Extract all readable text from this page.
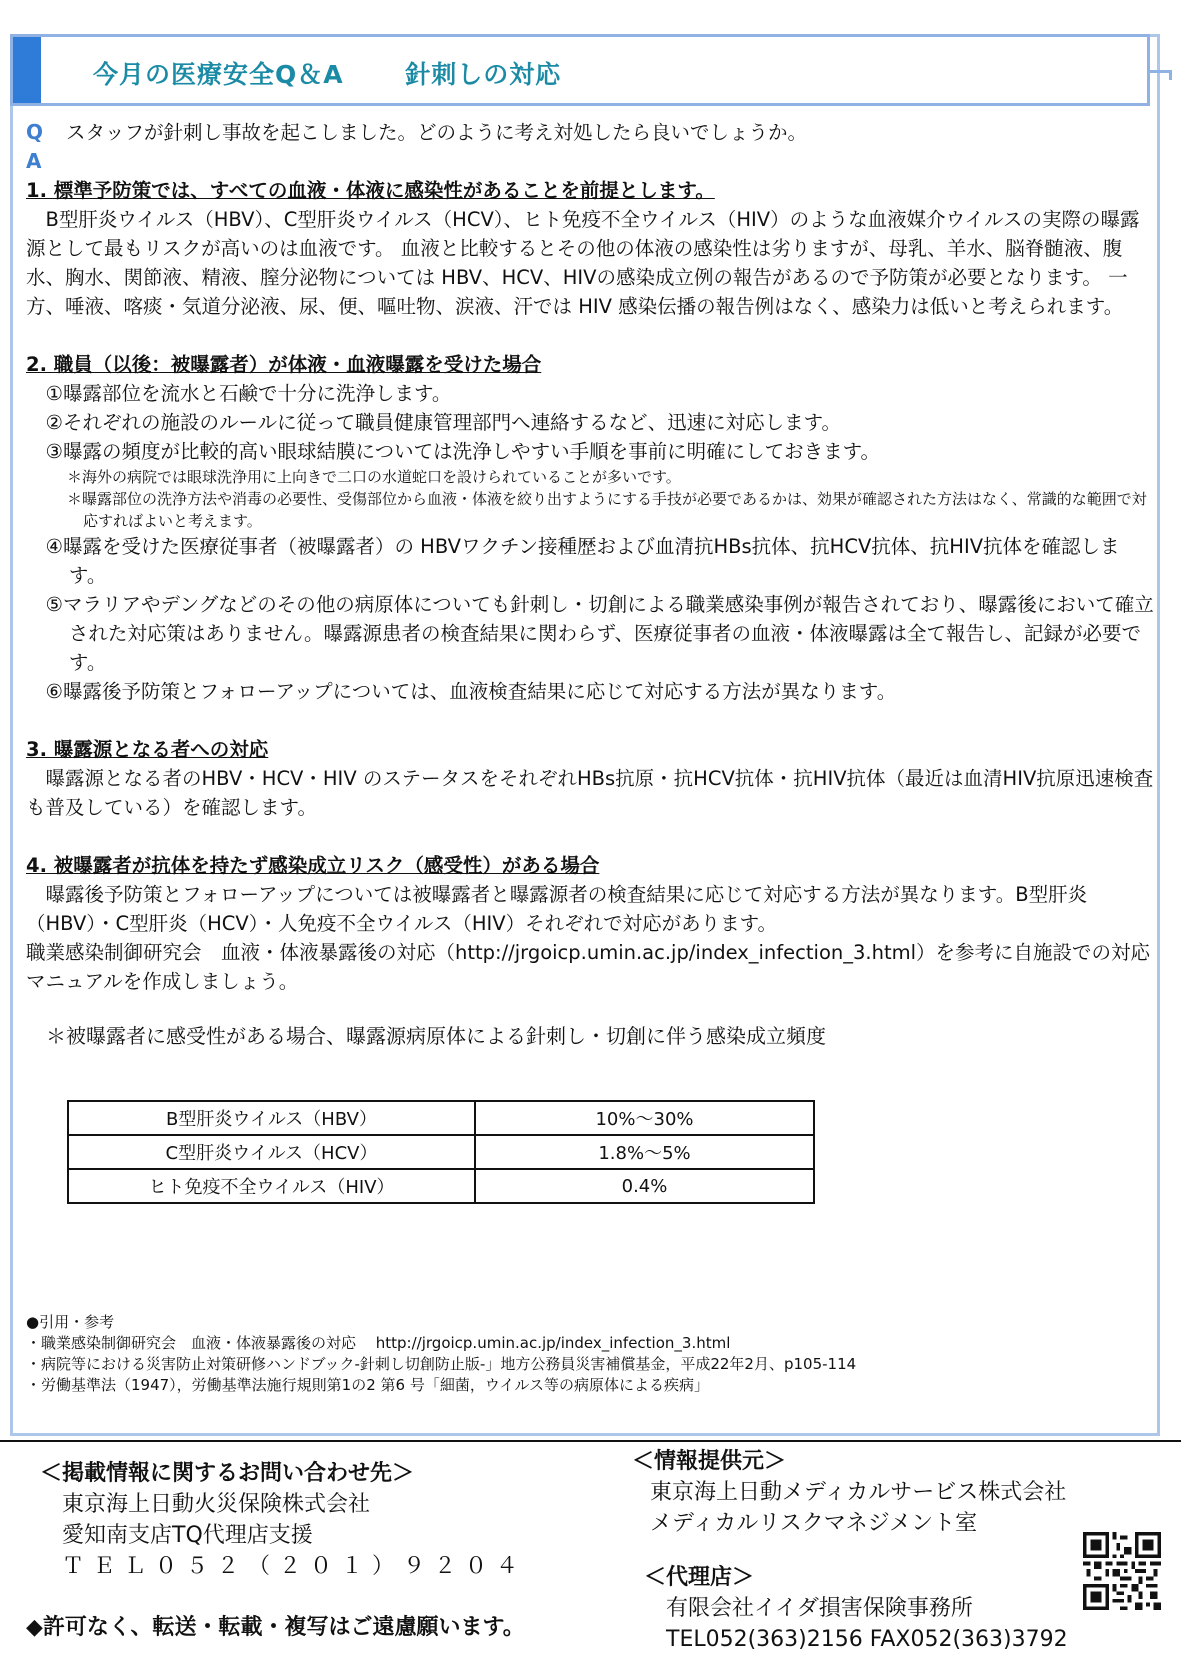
今月の医療安全Q＆A　　 針刺しの対応
Q	スタッフが針刺し事故を起こしました。どのように考え対処したら良いでしょうか。
A

1. 標準予防策では、すべての血液・体液に感染性があることを前提とします。

B型肝炎ウイルス（HBV）、C型肝炎ウイルス（HCV）、ヒト免疫不全ウイルス（HIV）のような血液媒介ウイルスの実際の曝露源として最もリスクが高いのは血液です。 血液と比較するとその他の体液の感染性は劣りますが、母乳、羊水、脳脊髄液、腹水、胸水、関節液、精液、膣分泌物については HBV、HCV、HIVの感染成立例の報告があるので予防策が必要となります。 一方、唾液、喀痰・気道分泌液、尿、便、嘔吐物、涙液、汗では HIV 感染伝播の報告例はなく、感染力は低いと考えられます。

2. 職員（以後：被曝露者）が体液・血液曝露を受けた場合

①曝露部位を流水と石鹸で十分に洗浄します。

②それぞれの施設のルールに従って職員健康管理部門へ連絡するなど、迅速に対応します。

③曝露の頻度が比較的高い眼球結膜については洗浄しやすい手順を事前に明確にしておきます。

＊海外の病院では眼球洗浄用に上向きで二口の水道蛇口を設けられていることが多いです。

＊曝露部位の洗浄方法や消毒の必要性、受傷部位から血液・体液を絞り出すようにする手技が必要であるかは、効果が確認された方法はなく、常識的な範囲で対応すればよいと考えます。

④曝露を受けた医療従事者（被曝露者）の HBVワクチン接種歴および血清抗HBs抗体、抗HCV抗体、抗HIV抗体を確認します。

⑤マラリアやデングなどのその他の病原体についても針刺し・切創による職業感染事例が報告されており、曝露後において確立された対応策はありません。曝露源患者の検査結果に関わらず、医療従事者の血液・体液曝露は全て報告し、記録が必要です。

⑥曝露後予防策とフォローアップについては、血液検査結果に応じて対応する方法が異なります。

3. 曝露源となる者への対応

曝露源となる者のHBV・HCV・HIV のステータスをそれぞれHBs抗原・抗HCV抗体・抗HIV抗体（最近は血清HIV抗原迅速検査も普及している）を確認します。

4. 被曝露者が抗体を持たず感染成立リスク（感受性）がある場合

曝露後予防策とフォローアップについては被曝露者と曝露源者の検査結果に応じて対応する方法が異なります。B型肝炎（HBV）・C型肝炎（HCV）・人免疫不全ウイルス（HIV）それぞれで対応があります。

職業感染制御研究会　血液・体液暴露後の対応（http://jrgoicp.umin.ac.jp/index_infection_3.html）を参考に自施設での対応マニュアルを作成しましょう。

＊被曝露者に感受性がある場合、曝露源病原体による針刺し・切創に伴う感染成立頻度

B型肝炎ウイルス（HBV）	10%～30%
C型肝炎ウイルス（HCV）	1.8%～5%
ヒト免疫不全ウイルス（HIV）	0.4%
●引用・参考
・職業感染制御研究会　血液・体液暴露後の対応　 http://jrgoicp.umin.ac.jp/index_infection_3.html
・病院等における災害防止対策研修ハンドブック-針刺し切創防止版-」地方公務員災害補償基金，平成22年2月、p105-114
・労働基準法（1947），労働基準法施行規則第1の2 第6 号「細菌，ウイルス等の病原体による疾病」
＜掲載情報に関するお問い合わせ先＞
東京海上日動火災保険株式会社
愛知南支店TQ代理店支援
ＴＥＬ０５２（２０１）９２０４
◆許可なく、転送・転載・複写はご遠慮願います。
＜情報提供元＞
東京海上日動メディカルサービス株式会社
メディカルリスクマネジメント室
＜代理店＞
有限会社イイダ損害保険事務所
TEL052(363)2156 FAX052(363)3792
